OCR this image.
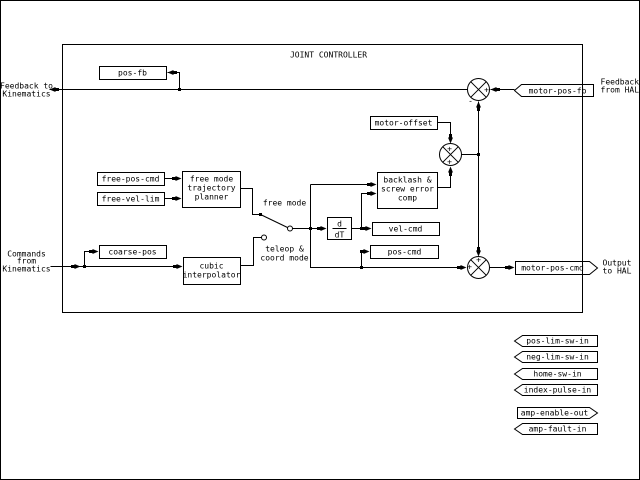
pos-fb
motor-offset
free-pos-cmd
free-vel-lim
free mode
trajectory
planner
coarse-pos
cubic
interpolator
d
dT
backlash &
screw error
comp
vel-cmd
pos-cmd
+
-
+
+
+
+
free mode
teleop &
coord mode
motor-pos-fb
motor-pos-cmd
pos-lim-sw-in
neg-lim-sw-in
home-sw-in
index-pulse-in
amp-enable-out
amp-fault-in
JOINT CONTROLLER
Feedback to
Kinematics
Commands
from
Kinematics
Feedback
from HAL
Output
to HAL
